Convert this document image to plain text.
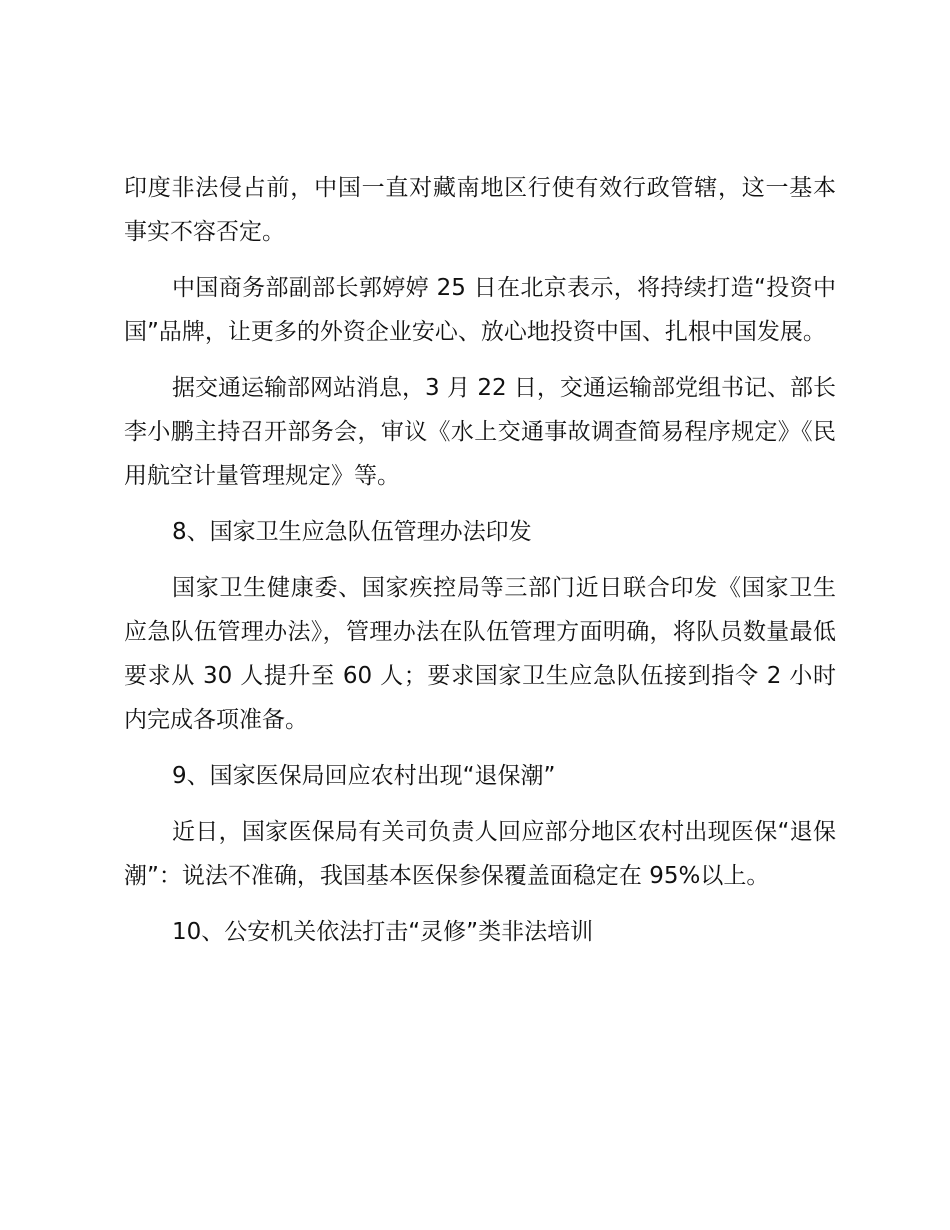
印度非法侵占前，中国一直对藏南地区行使有效行政管辖，这一基本事实不容否定。

中国商务部副部长郭婷婷 25 日在北京表示，将持续打造“投资中国”品牌，让更多的外资企业安心、放心地投资中国、扎根中国发展。

据交通运输部网站消息，3 月 22 日，交通运输部党组书记、部长李小鹏主持召开部务会，审议《水上交通事故调查简易程序规定》《民用航空计量管理规定》等。

8、国家卫生应急队伍管理办法印发

国家卫生健康委、国家疾控局等三部门近日联合印发《国家卫生应急队伍管理办法》，管理办法在队伍管理方面明确，将队员数量最低要求从 30 人提升至 60 人；要求国家卫生应急队伍接到指令 2 小时内完成各项准备。

9、国家医保局回应农村出现“退保潮”

近日，国家医保局有关司负责人回应部分地区农村出现医保“退保潮”：说法不准确，我国基本医保参保覆盖面稳定在 95%以上。

10、公安机关依法打击“灵修”类非法培训
